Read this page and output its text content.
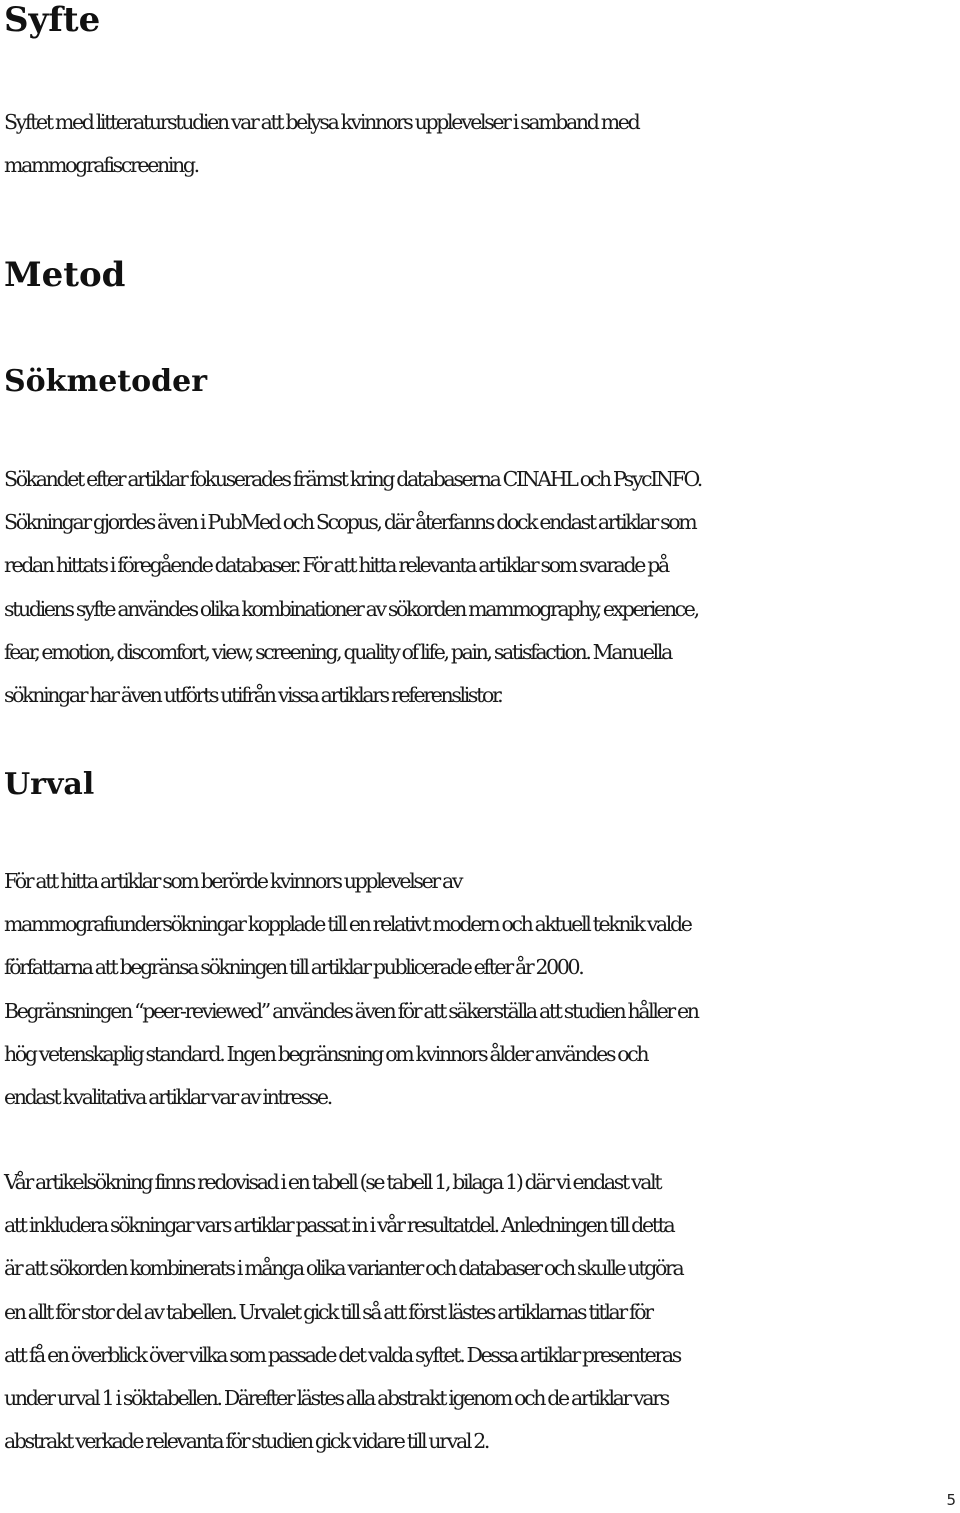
Syfte
Syftet med litteraturstudien var att belysa kvinnors upplevelser i samband med
mammografiscreening.
Metod
Sökmetoder
Sökandet efter artiklar fokuserades främst kring databaserna CINAHL och PsycINFO.
Sökningar gjordes även i PubMed och Scopus, där återfanns dock endast artiklar som
redan hittats i föregående databaser. För att hitta relevanta artiklar som svarade på
studiens syfte användes olika kombinationer av sökorden mammography, experience,
fear, emotion, discomfort, view, screening, quality of life, pain, satisfaction. Manuella
sökningar har även utförts utifrån vissa artiklars referenslistor.
Urval
För att hitta artiklar som berörde kvinnors upplevelser av
mammografiundersökningar kopplade till en relativt modern och aktuell teknik valde
författarna att begränsa sökningen till artiklar publicerade efter år 2000.
Begränsningen “peer-reviewed” användes även för att säkerställa att studien håller en
hög vetenskaplig standard. Ingen begränsning om kvinnors ålder användes och
endast kvalitativa artiklar var av intresse.
Vår artikelsökning finns redovisad i en tabell (se tabell 1, bilaga 1) där vi endast valt
att inkludera sökningar vars artiklar passat in i vår resultatdel. Anledningen till detta
är att sökorden kombinerats i många olika varianter och databaser och skulle utgöra
en allt för stor del av tabellen. Urvalet gick till så att först lästes artiklarnas titlar för
att få en överblick över vilka som passade det valda syftet. Dessa artiklar presenteras
under urval 1 i söktabellen. Därefter lästes alla abstrakt igenom och de artiklar vars
abstrakt verkade relevanta för studien gick vidare till urval 2.
5
